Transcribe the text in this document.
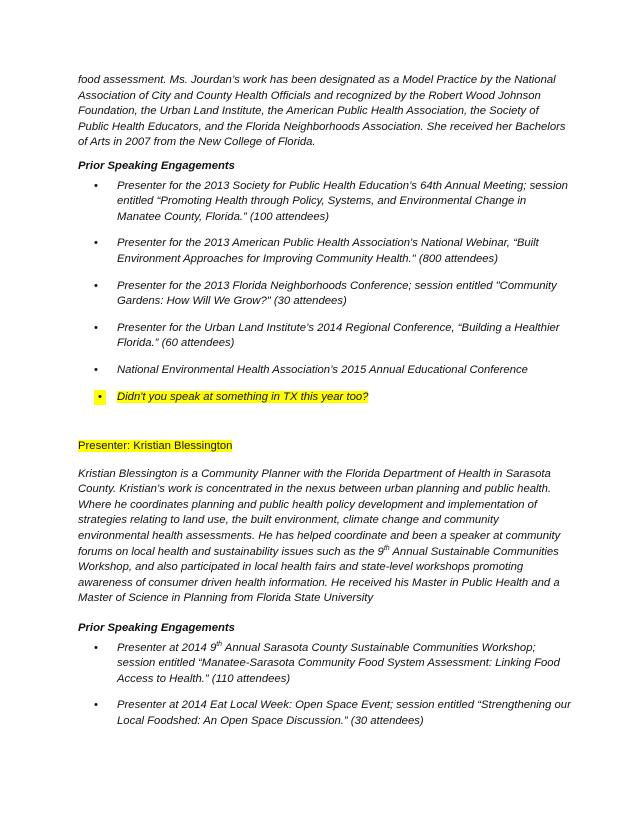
food assessment. Ms. Jourdan’s work has been designated as a Model Practice by the National Association of City and County Health Officials and recognized by the Robert Wood Johnson Foundation, the Urban Land Institute, the American Public Health Association, the Society of Public Health Educators, and the Florida Neighborhoods Association. She received her Bachelors of Arts in 2007 from the New College of Florida.

Prior Speaking Engagements

• Presenter for the 2013 Society for Public Health Education’s 64th Annual Meeting; session entitled “Promoting Health through Policy, Systems, and Environmental Change in Manatee County, Florida.” (100 attendees)
• Presenter for the 2013 American Public Health Association's National Webinar, “Built Environment Approaches for Improving Community Health." (800 attendees)
• Presenter for the 2013 Florida Neighborhoods Conference; session entitled "Community Gardens: How Will We Grow?" (30 attendees)
• Presenter for the Urban Land Institute’s 2014 Regional Conference, “Building a Healthier Florida.” (60 attendees)
• National Environmental Health Association’s 2015 Annual Educational Conference
•	Didn't you speak at something in TX this year too?

Presenter: Kristian Blessington

Kristian Blessington is a Community Planner with the Florida Department of Health in Sarasota County. Kristian’s work is concentrated in the nexus between urban planning and public health. Where he coordinates planning and public health policy development and implementation of strategies relating to land use, the built environment, climate change and community environmental health assessments. He has helped coordinate and been a speaker at community forums on local health and sustainability issues such as the 9th Annual Sustainable Communities Workshop, and also participated in local health fairs and state-level workshops promoting awareness of consumer driven health information. He received his Master in Public Health and a Master of Science in Planning from Florida State University

Prior Speaking Engagements

• Presenter at 2014 9th Annual Sarasota County Sustainable Communities Workshop; session entitled “Manatee-Sarasota Community Food System Assessment: Linking Food Access to Health.” (110 attendees)
• Presenter at 2014 Eat Local Week: Open Space Event; session entitled “Strengthening our Local Foodshed: An Open Space Discussion.” (30 attendees)
